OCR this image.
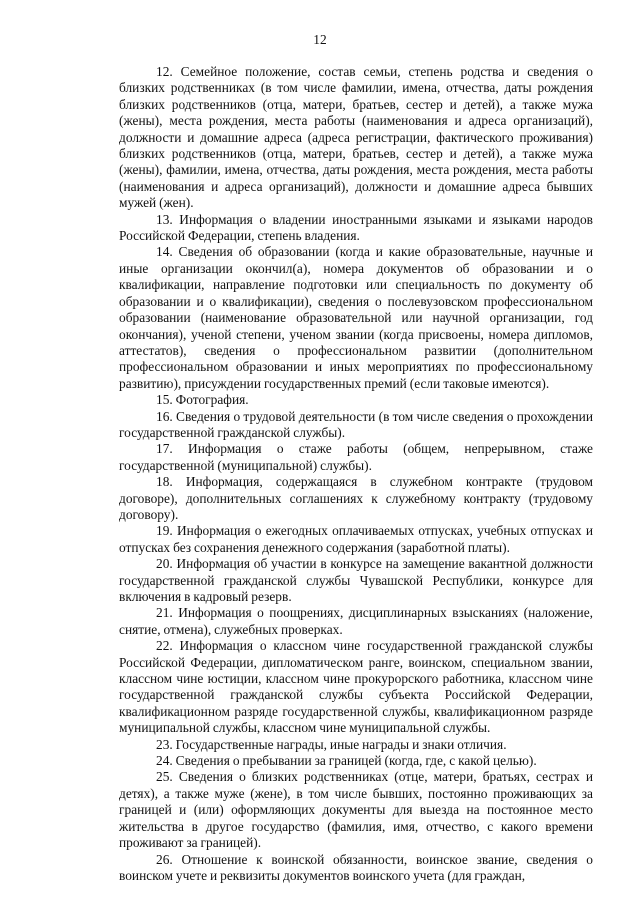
12

12. Семейное положение, состав семьи, степень родства и сведения о близких родственниках (в том числе фамилии, имена, отчества, даты рождения близких родственников (отца, матери, братьев, сестер и детей), а также мужа (жены), места рождения, места работы (наименования и адреса организаций), должности и домашние адреса (адреса регистрации, фактического проживания) близких родственников (отца, матери, братьев, сестер и детей), а также мужа (жены), фамилии, имена, отчества, даты рождения, места рождения, места работы (наименования и адреса организаций), должности и домашние адреса бывших мужей (жен).

13. Информация о владении иностранными языками и языками народов Российской Федерации, степень владения.

14. Сведения об образовании (когда и какие образовательные, научные и иные организации окончил(а), номера документов об образовании и о квалификации, направление подготовки или специальность по документу об образовании и о квалификации), сведения о послевузовском профессиональном образовании (наименование образовательной или научной организации, год окончания), ученой степени, ученом звании (когда присвоены, номера дипломов, аттестатов), сведения о профессиональном развитии (дополнительном профессиональном образовании и иных мероприятиях по профессиональному развитию), присуждении государственных премий (если таковые имеются).

15. Фотография.

16. Сведения о трудовой деятельности (в том числе сведения о прохождении государственной гражданской службы).

17. Информация о стаже работы (общем, непрерывном, стаже государственной (муниципальной) службы).

18. Информация, содержащаяся в служебном контракте (трудовом договоре), дополнительных соглашениях к служебному контракту (трудовому договору).

19. Информация о ежегодных оплачиваемых отпусках, учебных отпусках и отпусках без сохранения денежного содержания (заработной платы).

20. Информация об участии в конкурсе на замещение вакантной должности государственной гражданской службы Чувашской Республики, конкурсе для включения в кадровый резерв.

21. Информация о поощрениях, дисциплинарных взысканиях (наложение, снятие, отмена), служебных проверках.

22. Информация о классном чине государственной гражданской службы Российской Федерации, дипломатическом ранге, воинском, специальном звании, классном чине юстиции, классном чине прокурорского работника, классном чине государственной гражданской службы субъекта Российской Федерации, квалификационном разряде государственной службы, квалификационном разряде муниципальной службы, классном чине муниципальной службы.

23. Государственные награды, иные награды и знаки отличия.

24. Сведения о пребывании за границей (когда, где, с какой целью).

25. Сведения о близких родственниках (отце, матери, братьях, сестрах и детях), а также муже (жене), в том числе бывших, постоянно проживающих за границей и (или) оформляющих документы для выезда на постоянное место жительства в другое государство (фамилия, имя, отчество, с какого времени проживают за границей).

26. Отношение к воинской обязанности, воинское звание, сведения о воинском учете и реквизиты документов воинского учета (для граждан,
